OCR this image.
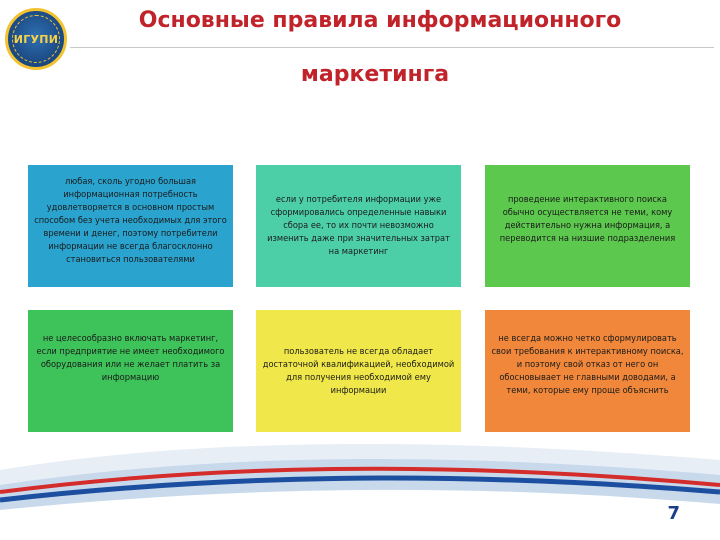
ИГУПИ
Основные правила информационного
маркетинга
любая, сколь угодно большая информационная потребность удовлетворяется в основном простым способом без учета необходимых для этого времени и денег, поэтому потребители информации не всегда благосклонно становиться пользователями
если у потребителя информации уже сформировались определенные навыки сбора ее, то их почти невозможно изменить даже при значительных затрат на маркетинг
проведение интерактивного поиска обычно осуществляется не теми, кому действительно нужна информация, а переводится на низшие подразделения
не целесообразно включать маркетинг, если предприятие не имеет необходимого оборудования или не желает платить за информацию
пользователь не всегда обладает достаточной квалификацией, необходимой для получения необходимой ему информации
не всегда можно четко сформулировать свои требования к интерактивному поиска, и поэтому свой отказ от него он обосновывает не главными доводами, а теми, которые ему проще объяснить
7
